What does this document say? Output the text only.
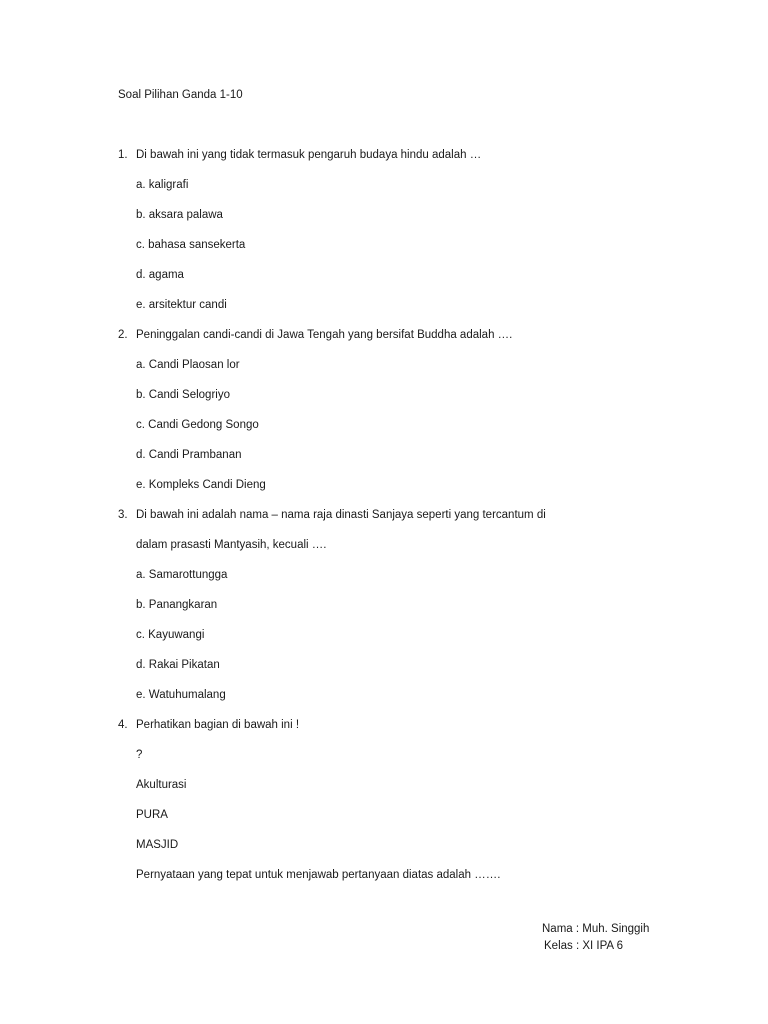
Soal Pilihan Ganda 1-10
1. Di bawah ini yang tidak termasuk pengaruh budaya hindu adalah …
a. kaligrafi
b. aksara palawa
c. bahasa sansekerta
d. agama
e. arsitektur candi
2. Peninggalan candi-candi di Jawa Tengah yang bersifat Buddha adalah ….
a. Candi Plaosan lor
b. Candi Selogriyo
c. Candi Gedong Songo
d. Candi Prambanan
e. Kompleks Candi Dieng
3. Di bawah ini adalah nama – nama raja dinasti Sanjaya seperti yang tercantum di
dalam prasasti Mantyasih, kecuali ….
a. Samarottungga
b. Panangkaran
c. Kayuwangi
d. Rakai Pikatan
e. Watuhumalang
4. Perhatikan bagian di bawah ini !
?
Akulturasi
PURA
MASJID
Pernyataan yang tepat untuk menjawab pertanyaan diatas adalah …….
Nama : Muh. Singgih
Kelas : XI IPA 6
